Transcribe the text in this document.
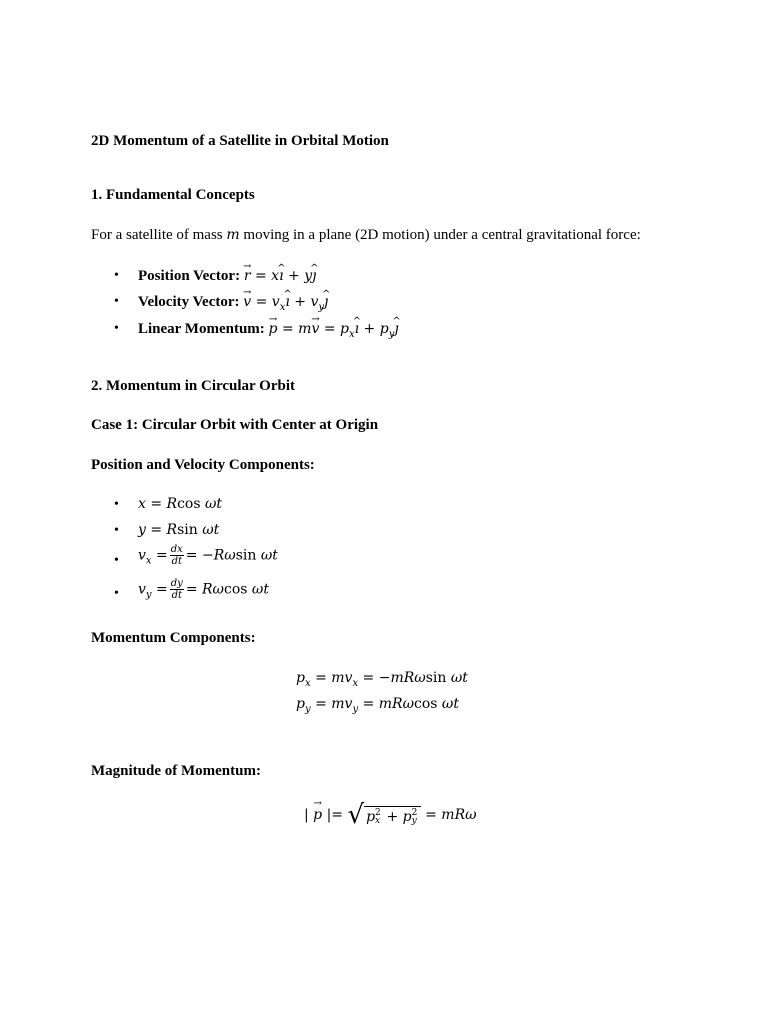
2D Momentum of a Satellite in Orbital Motion
1. Fundamental Concepts
For a satellite of mass m moving in a plane (2D motion) under a central gravitational force:
• Position Vector: → r = x^ ı + y^ ȷ
• Velocity Vector: → $v = v_x\^{}$ ı + $v_y\^{}$ ȷ
• Linear Momentum: → $p = m\to v = p_x\^{}$ ı + $p_y\^{}$ ȷ
2. Momentum in Circular Orbit
Case 1: Circular Orbit with Center at Origin
Position and Velocity Components:
• x = Rcos ωt
• y = Rsin ωt
• $v_x = \frac{dx}{dt} = -R\omega\sin$ ωt
• $v_y = \frac{dy}{dt} = R\omega\cos$ ωt
Momentum Components:
$p_x = mv_x = -mR\omega\sin$ ωt
$p_y = mv_y = mR\omega\cos$ ωt
Magnitude of Momentum:
| → p |= √ p 2
x + p 2
y = mRω
